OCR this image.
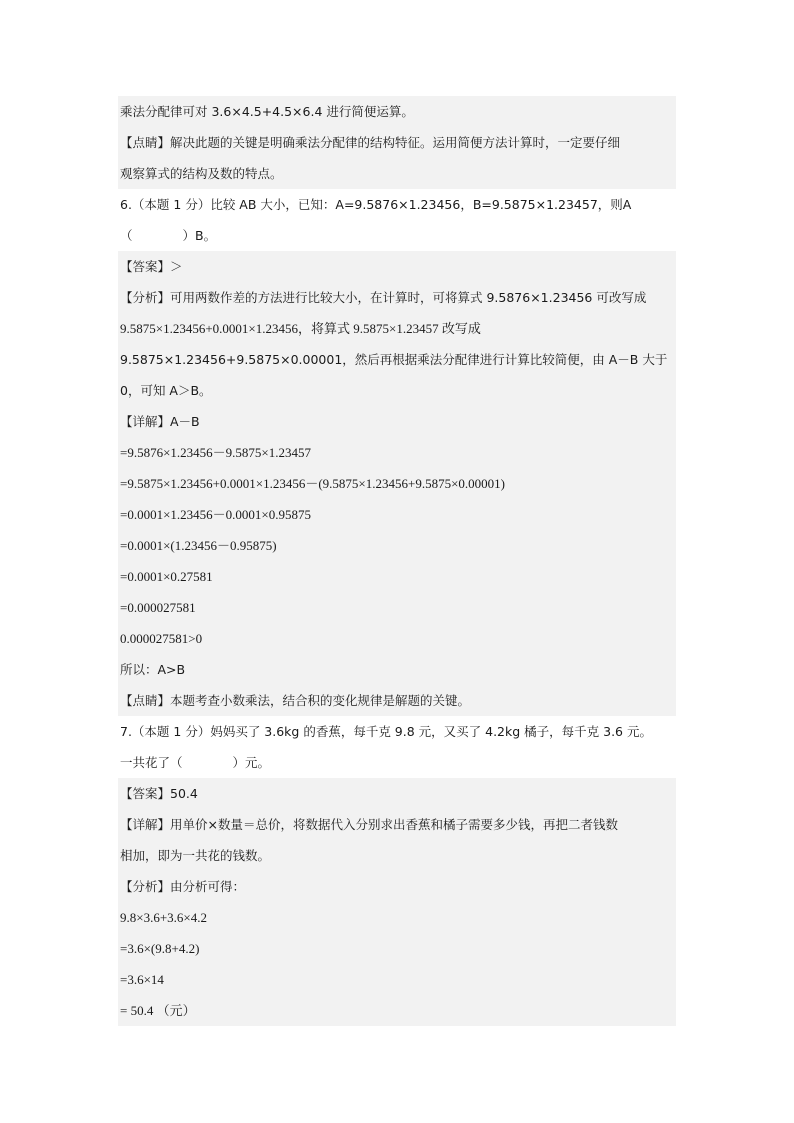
乘法分配律可对 3.6×4.5+4.5×6.4 进行简便运算。
【点睛】解决此题的关键是明确乘法分配律的结构特征。运用简便方法计算时，一定要仔细
观察算式的结构及数的特点。
6.（本题 1 分）比较 AB 大小，已知：A=9.5876×1.23456，B=9.5875×1.23457，则A
（　　　　）B。
【答案】＞
【分析】可用两数作差的方法进行比较大小，在计算时，可将算式 9.5876×1.23456 可改写成
9.5875×1.23456+0.0001×1.23456，将算式 9.5875×1.23457 改写成
9.5875×1.23456+9.5875×0.00001，然后再根据乘法分配律进行计算比较简便，由 A－B 大于
0，可知 A＞B。
【详解】A－B
=9.5876×1.23456－9.5875×1.23457
=9.5875×1.23456+0.0001×1.23456－(9.5875×1.23456+9.5875×0.00001)
=0.0001×1.23456－0.0001×0.95875
=0.0001×(1.23456－0.95875)
=0.0001×0.27581
=0.000027581
0.000027581>0
所以：A>B
【点睛】本题考查小数乘法，结合积的变化规律是解题的关键。
7.（本题 1 分）妈妈买了 3.6kg 的香蕉，每千克 9.8 元，又买了 4.2kg 橘子，每千克 3.6 元。
一共花了（　　　　）元。
【答案】50.4
【详解】用单价×数量＝总价，将数据代入分别求出香蕉和橘子需要多少钱，再把二者钱数
相加，即为一共花的钱数。
【分析】由分析可得：
9.8×3.6+3.6×4.2
=3.6×(9.8+4.2)
=3.6×14
= 50.4 （元）
